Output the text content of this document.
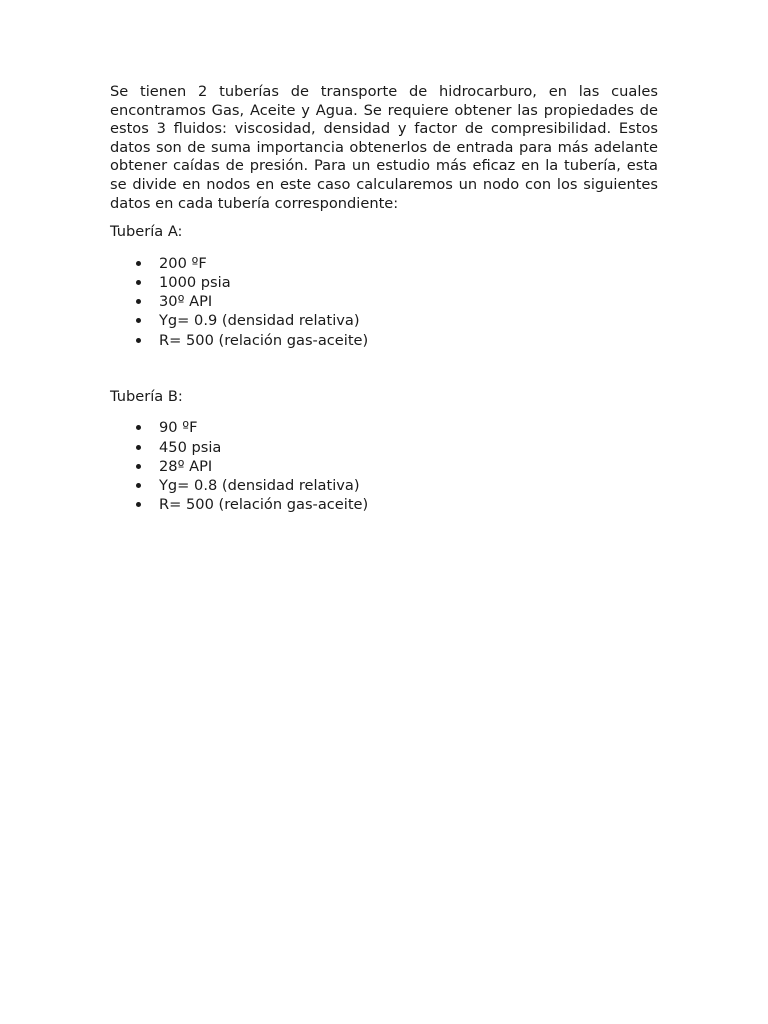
Se tienen 2 tuberías de transporte de hidrocarburo, en las cuales encontramos Gas, Aceite y Agua. Se requiere obtener las propiedades de estos 3 fluidos: viscosidad, densidad y factor de compresibilidad. Estos datos son de suma importancia obtenerlos de entrada para más adelante obtener caídas de presión. Para un estudio más eficaz en la tubería, esta se divide en nodos en este caso calcularemos un nodo con los siguientes datos en cada tubería correspondiente:

Tubería A:

200 ºF
1000 psia
30º API
Yg= 0.9 (densidad relativa)
R= 500 (relación gas-aceite)

Tubería B:

90 ºF
450 psia
28º API
Yg= 0.8 (densidad relativa)
R= 500 (relación gas-aceite)
